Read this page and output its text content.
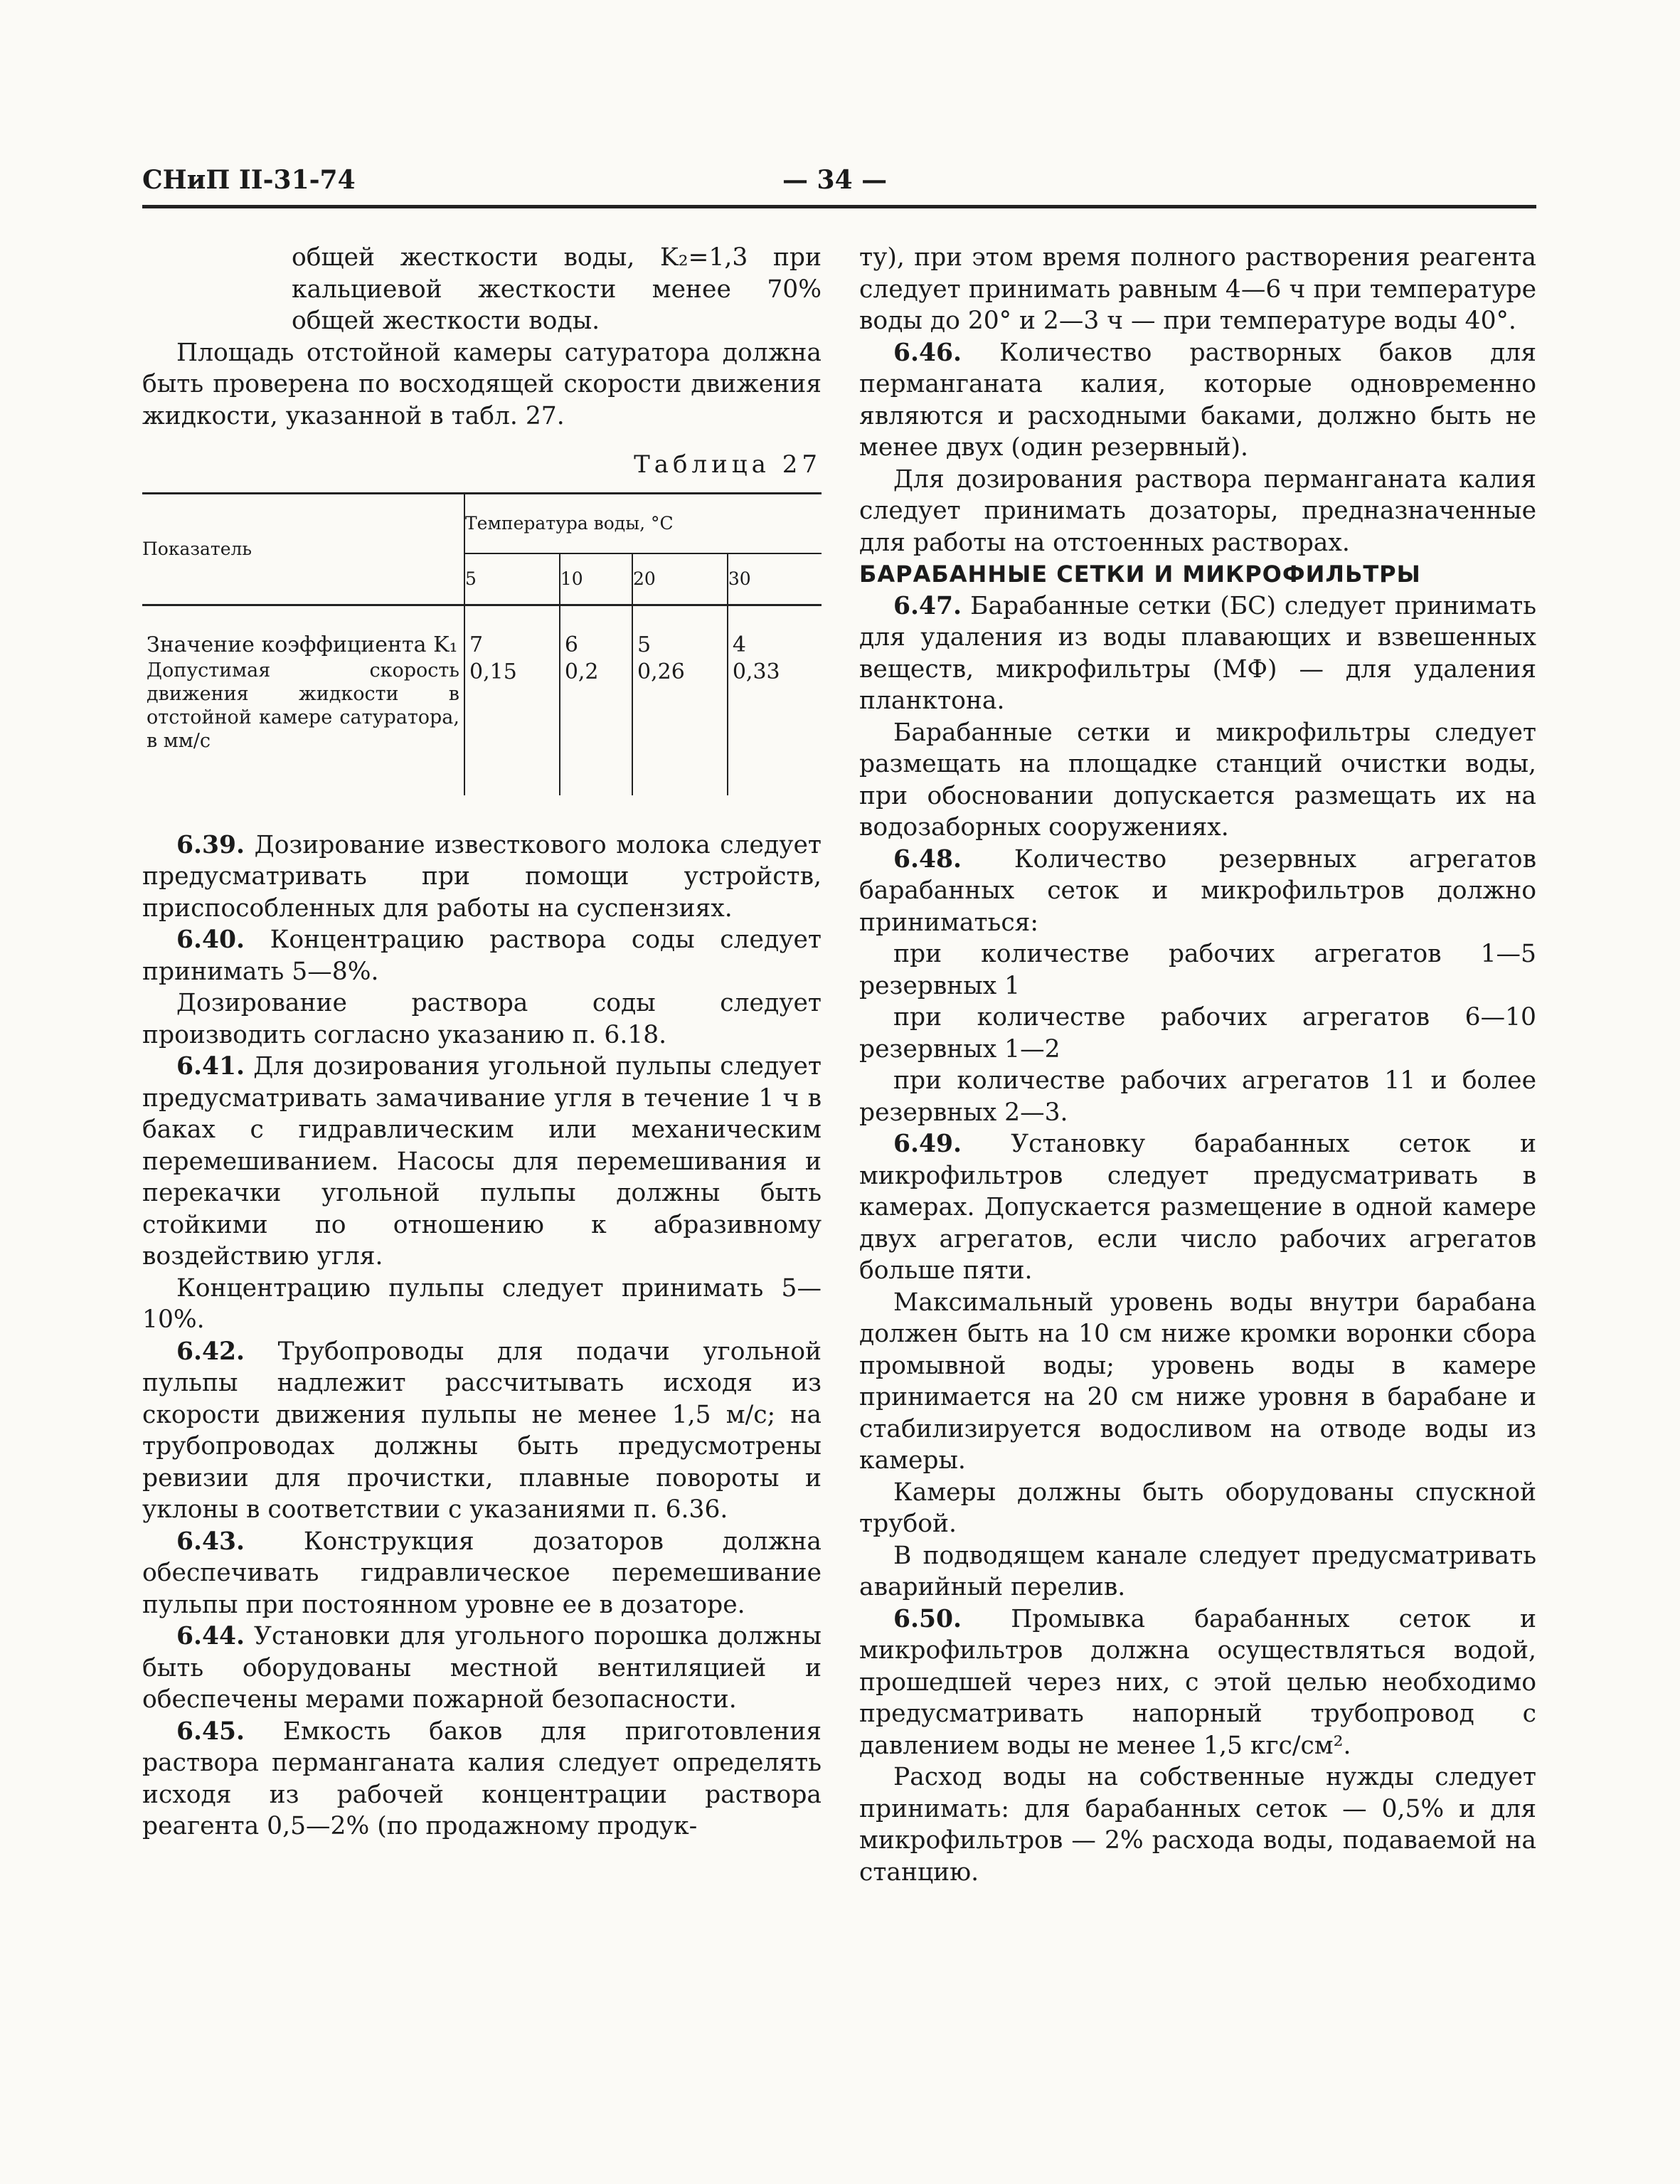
СНиП II-31-74	— 34 —

общей жесткости воды, K₂=1,3 при кальциевой жесткости менее 70% общей жесткости воды.

Площадь отстойной камеры сатуратора должна быть проверена по восходящей скорости движения жидкости, указанной в табл. 27.

Таблица 27
Показатель	Температура воды, °С			
	5	10	20	30
Значение коэффициента K₁	7	6	5	4
Допустимая скорость движения жидкости в отстойной камере сатуратора, в мм/с	0,15	0,2	0,26	0,33

6.39. Дозирование известкового молока следует предусматривать при помощи устройств, приспособленных для работы на суспензиях.

6.40. Концентрацию раствора соды следует принимать 5—8%.

Дозирование раствора соды следует производить согласно указанию п. 6.18.

6.41. Для дозирования угольной пульпы следует предусматривать замачивание угля в течение 1 ч в баках с гидравлическим или механическим перемешиванием. Насосы для перемешивания и перекачки угольной пульпы должны быть стойкими по отношению к абразивному воздействию угля.

Концентрацию пульпы следует принимать 5—10%.

6.42. Трубопроводы для подачи угольной пульпы надлежит рассчитывать исходя из скорости движения пульпы не менее 1,5 м/с; на трубопроводах должны быть предусмотрены ревизии для прочистки, плавные повороты и уклоны в соответствии с указаниями п. 6.36.

6.43. Конструкция дозаторов должна обеспечивать гидравлическое перемешивание пульпы при постоянном уровне ее в дозаторе.

6.44. Установки для угольного порошка должны быть оборудованы местной вентиляцией и обеспечены мерами пожарной безопасности.

6.45. Емкость баков для приготовления раствора перманганата калия следует определять исходя из рабочей концентрации раствора реагента 0,5—2% (по продажному продук-

ту), при этом время полного растворения реагента следует принимать равным 4—6 ч при температуре воды до 20° и 2—3 ч — при температуре воды 40°.

6.46. Количество растворных баков для перманганата калия, которые одновременно являются и расходными баками, должно быть не менее двух (один резервный).

Для дозирования раствора перманганата калия следует принимать дозаторы, предназначенные для работы на отстоенных растворах.

БАРАБАННЫЕ СЕТКИ И МИКРОФИЛЬТРЫ

6.47. Барабанные сетки (БС) следует принимать для удаления из воды плавающих и взвешенных веществ, микрофильтры (МФ) — для удаления планктона.

Барабанные сетки и микрофильтры следует размещать на площадке станций очистки воды, при обосновании допускается размещать их на водозаборных сооружениях.

6.48. Количество резервных агрегатов барабанных сеток и микрофильтров должно приниматься:

при количестве рабочих агрегатов 1—5 резервных 1

при количестве рабочих агрегатов 6—10 резервных 1—2

при количестве рабочих агрегатов 11 и более резервных 2—3.

6.49. Установку барабанных сеток и микрофильтров следует предусматривать в камерах. Допускается размещение в одной камере двух агрегатов, если число рабочих агрегатов больше пяти.

Максимальный уровень воды внутри барабана должен быть на 10 см ниже кромки воронки сбора промывной воды; уровень воды в камере принимается на 20 см ниже уровня в барабане и стабилизируется водосливом на отводе воды из камеры.

Камеры должны быть оборудованы спускной трубой.

В подводящем канале следует предусматривать аварийный перелив.

6.50. Промывка барабанных сеток и микрофильтров должна осуществляться водой, прошедшей через них, с этой целью необходимо предусматривать напорный трубопровод с давлением воды не менее 1,5 кгс/см².

Расход воды на собственные нужды следует принимать: для барабанных сеток — 0,5% и для микрофильтров — 2% расхода воды, подаваемой на станцию.
